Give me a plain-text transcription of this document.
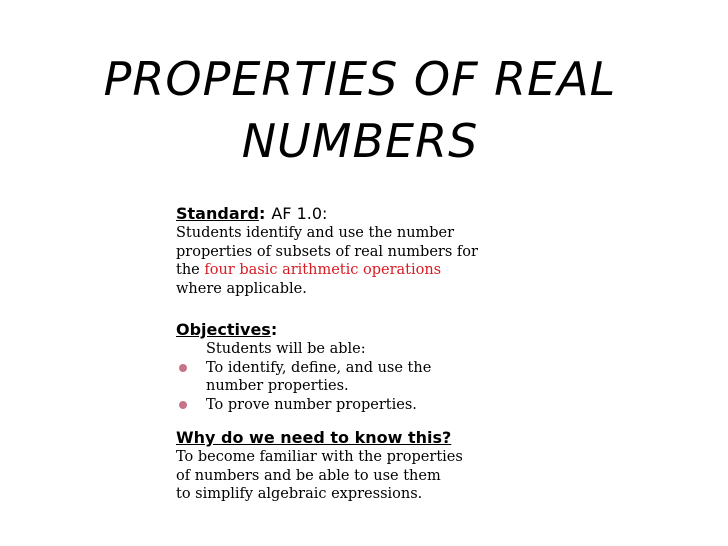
PROPERTIES OF REAL
NUMBERS
Standard: AF 1.0:
Students identify and use the number
properties of subsets of real numbers for
the four basic arithmetic operations
where applicable.
Objectives:
Students will be able:
To identify, define, and use the
number properties.
To prove number properties.
Why do we need to know this?
To become familiar with the properties
of numbers and be able to use them
to simplify algebraic expressions.
